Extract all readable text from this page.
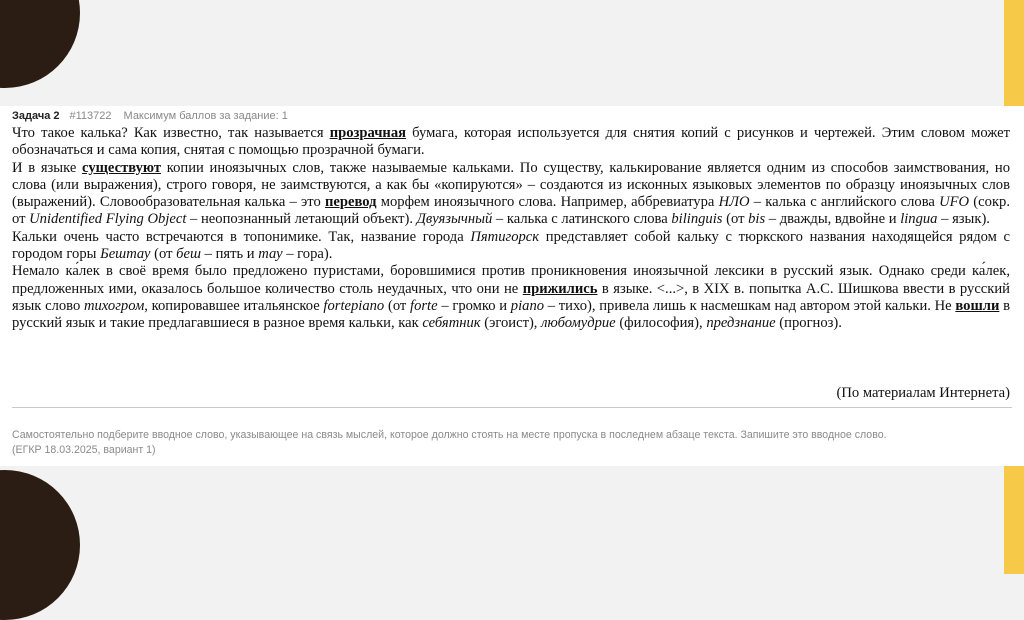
Задача 2 #113722 Максимум баллов за задание: 1

Что такое калька? Как известно, так называется прозрачная бумага, которая используется для снятия копий с рисунков и чертежей. Этим словом может обозначаться и сама копия, снятая с помощью прозрачной бумаги.

И в языке существуют копии иноязычных слов, также называемые кальками. По существу, калькирование является одним из способов заимствования, но слова (или выражения), строго говоря, не заимствуются, а как бы «копируются» – создаются из исконных языковых элементов по образцу иноязычных слов (выражений). Словообразовательная калька – это перевод морфем иноязычного слова. Например, аббревиатура НЛО – калька с английского слова UFO (сокр. от Unidentified Flying Object – неопознанный летающий объект). Двуязычный – калька с латинского слова bilinguis (от bis – дважды, вдвойне и lingua – язык).

Кальки очень часто встречаются в топонимике. Так, название города Пятигорск представляет собой кальку с тюркского названия находящейся рядом с городом горы Бештау (от беш – пять и тау – гора).

Немало ка́лек в своё время было предложено пуристами, боровшимися против проникновения иноязычной лексики в русский язык. Однако среди ка́лек, предложенных ими, оказалось большое количество столь неудачных, что они не прижились в языке. <...>, в XIX в. попытка А.С. Шишкова ввести в русский язык слово тихогром, копировавшее итальянское fortepiano (от forte – громко и piano – тихо), привела лишь к насмешкам над автором этой кальки. Не вошли в русский язык и такие предлагавшиеся в разное время кальки, как себятник (эгоист), любомудрие (философия), предзнание (прогноз).

(По материалам Интернета)
Самостоятельно подберите вводное слово, указывающее на связь мыслей, которое должно стоять на месте пропуска в последнем абзаце текста. Запишите это вводное слово.
(ЕГКР 18.03.2025, вариант 1)
